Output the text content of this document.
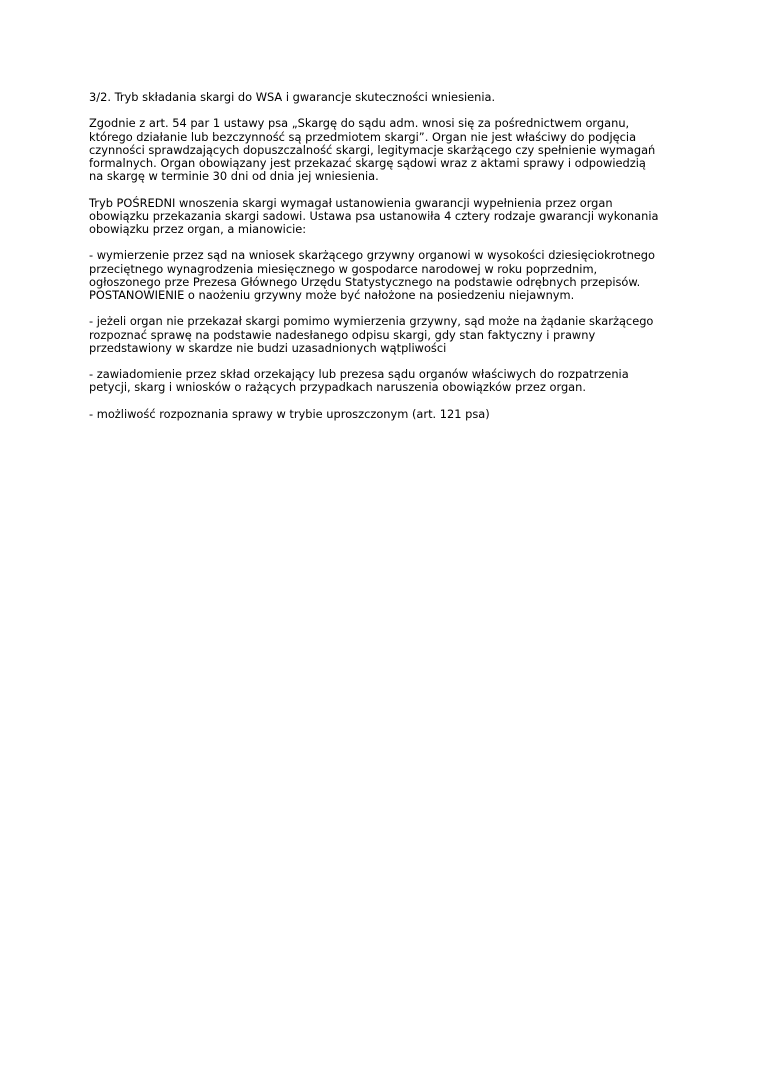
3/2. Tryb składania skargi do WSA i gwarancje skuteczności wniesienia.

Zgodnie z art. 54 par 1 ustawy psa „Skargę do sądu adm. wnosi się za pośrednictwem organu,
którego działanie lub bezczynność są przedmiotem skargi”. Organ nie jest właściwy do podjęcia
czynności sprawdzających dopuszczalność skargi, legitymacje skarżącego czy spełnienie wymagań
formalnych. Organ obowiązany jest przekazać skargę sądowi wraz z aktami sprawy i odpowiedzią
na skargę w terminie 30 dni od dnia jej wniesienia.

Tryb POŚREDNI wnoszenia skargi wymagał ustanowienia gwarancji wypełnienia przez organ
obowiązku przekazania skargi sadowi. Ustawa psa ustanowiła 4 cztery rodzaje gwarancji wykonania
obowiązku przez organ, a mianowicie:

- wymierzenie przez sąd na wniosek skarżącego grzywny organowi w wysokości dziesięciokrotnego
przeciętnego wynagrodzenia miesięcznego w gospodarce narodowej w roku poprzednim,
ogłoszonego prze Prezesa Głównego Urzędu Statystycznego na podstawie odrębnych przepisów.
POSTANOWIENIE o naożeniu grzywny może być nałożone na posiedzeniu niejawnym.

- jeżeli organ nie przekazał skargi pomimo wymierzenia grzywny, sąd może na żądanie skarżącego
rozpoznać sprawę na podstawie nadesłanego odpisu skargi, gdy stan faktyczny i prawny
przedstawiony w skardze nie budzi uzasadnionych wątpliwości

- zawiadomienie przez skład orzekający lub prezesa sądu organów właściwych do rozpatrzenia
petycji, skarg i wniosków o rażących przypadkach naruszenia obowiązków przez organ.

- możliwość rozpoznania sprawy w trybie uproszczonym (art. 121 psa)
